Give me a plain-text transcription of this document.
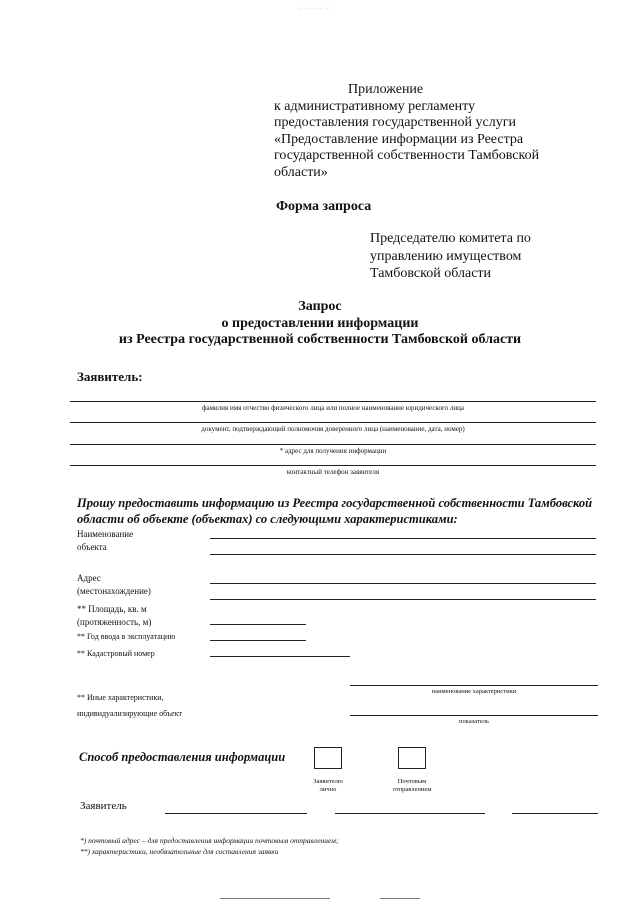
·..··.··· · ·
Приложение
к административному регламенту
предоставления государственной услуги
«Предоставление информации из Реестра
государственной собственности Тамбовской
области»
Форма запроса
Председателю комитета по
управлению имуществом
Тамбовской области
Запрос
о предоставлении информации
из Реестра государственной собственности Тамбовской области
Заявитель:
фамилия имя отчество физического лица или полное наименование юридического лица
документ, подтверждающий полномочия доверенного лица (наименование, дата, номер)
* адрес для получения информации
контактный телефон заявителя
Прошу предоставить информацию из Реестра государственной собственности Тамбовской области об объекте (объектах) со следующими характеристиками:
Наименование
объекта
Адрес
(местонахождение)
** Площадь, кв. м
(протяженность, м)
** Год ввода в эксплуатацию
** Кадастровый номер
** Иные характеристики,
индивидуализирующие объект
наименование характеристики
показатель
Способ предоставления информации
Заявителю
лично
Почтовым
отправлением
Заявитель
*) почтовый адрес – для предоставления информации почтовым отправлением;
**) характеристики, необязательные для составления заявки
